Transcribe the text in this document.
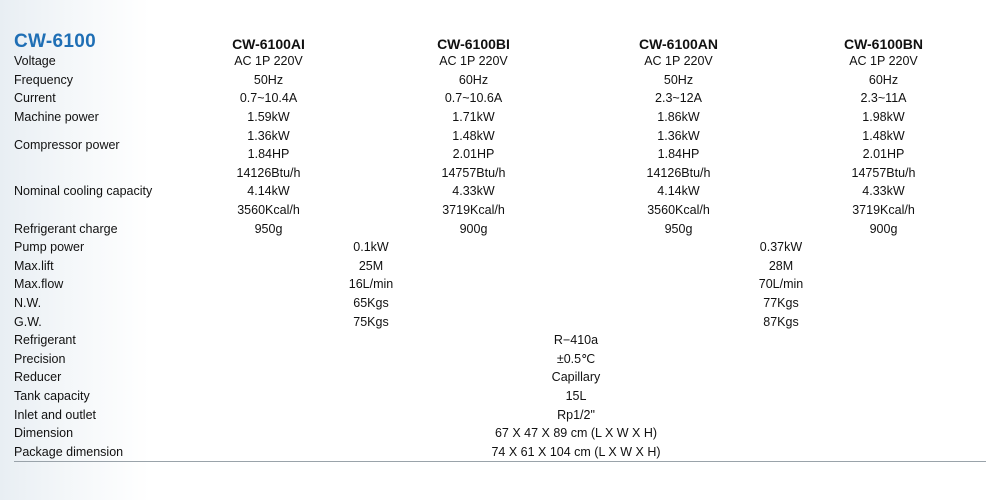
CW-6100	CW-6100AI	CW-6100BI	CW-6100AN	CW-6100BN
Voltage	AC 1P 220V	AC 1P 220V	AC 1P 220V	AC 1P 220V
Frequency	50Hz	60Hz	50Hz	60Hz
Current	0.7~10.4A	0.7~10.6A	2.3~12A	2.3~11A
Machine power	1.59kW	1.71kW	1.86kW	1.98kW
Compressor power	1.36kW	1.48kW	1.36kW	1.48kW
	1.84HP	2.01HP	1.84HP	2.01HP
Nominal cooling capacity	14126Btu/h	14757Btu/h	14126Btu/h	14757Btu/h
	4.14kW	4.33kW	4.14kW	4.33kW
	3560Kcal/h	3719Kcal/h	3560Kcal/h	3719Kcal/h
Refrigerant charge	950g	900g	950g	900g
Pump power	0.1kW		0.37kW	
Max.lift	25M		28M	
Max.flow	16L/min		70L/min	
N.W.	65Kgs		77Kgs	
G.W.	75Kgs		87Kgs	
Refrigerant	R−410a			
Precision	±0.5℃			
Reducer	Capillary			
Tank capacity	15L			
Inlet and outlet	Rp1/2"			
Dimension	67 X 47 X 89 cm (L X W X H)			
Package dimension	74 X 61 X 104 cm (L X W X H)			
